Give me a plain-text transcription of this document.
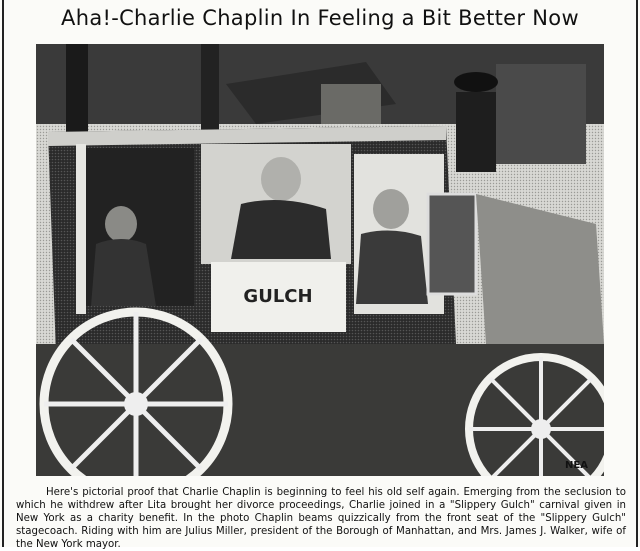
Aha!-Charlie Chaplin In Feeling a Bit Better Now
GULCH
NEA
Here's pictorial proof that Charlie Chaplin is beginning to feel his old self again. Emerging from the seclusion to which he withdrew after Lita brought her divorce proceedings, Charlie joined in a "Slippery Gulch" carnival given in New York as a charity benefit. In the photo Chaplin beams quizzically from the front seat of the "Slippery Gulch" stagecoach. Riding with him are Julius Miller, president of the Borough of Manhattan, and Mrs. James J. Walker, wife of the New York mayor.
